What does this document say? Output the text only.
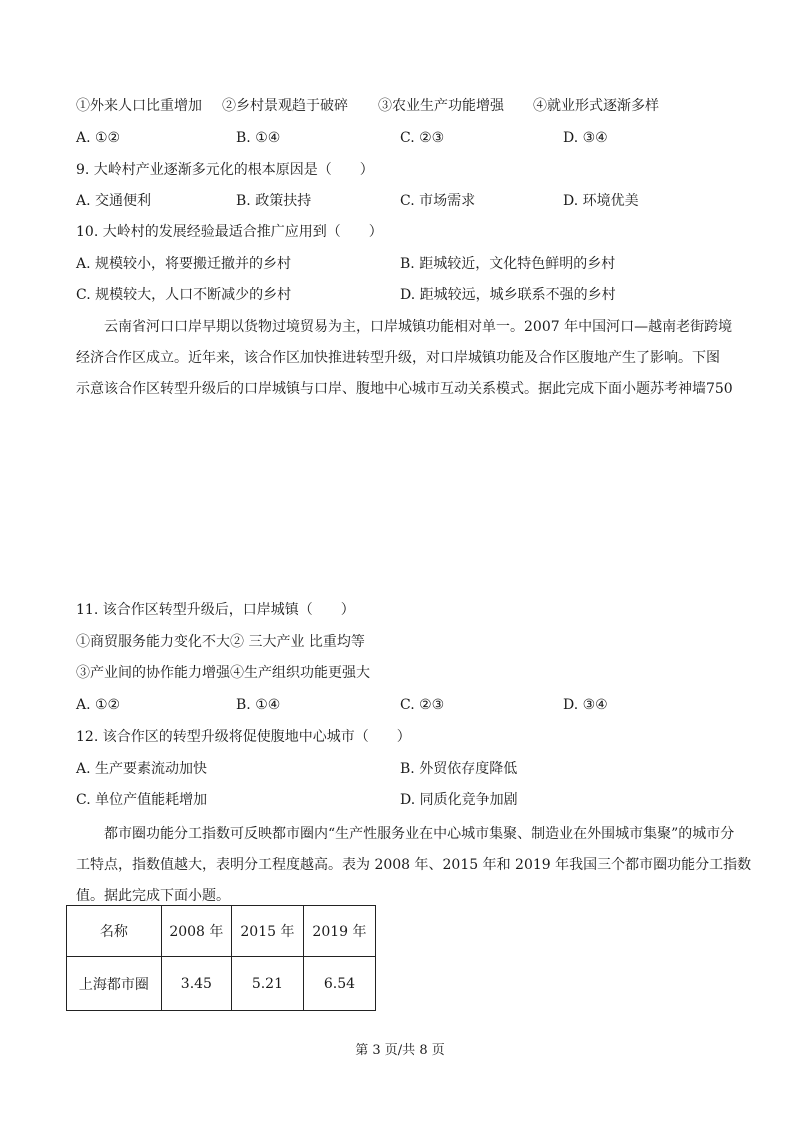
①外来人口比重增加 ②乡村景观趋于破碎 ③农业生产功能增强 ④就业形式逐渐多样
A. ①②	B. ①④	C. ②③	D. ③④
9. 大岭村产业逐渐多元化的根本原因是（　　）
A. 交通便利	B. 政策扶持	C. 市场需求	D. 环境优美
10. 大岭村的发展经验最适合推广应用到（　　）
A. 规模较小，将要搬迁撤并的乡村	B. 距城较近，文化特色鲜明的乡村
C. 规模较大，人口不断减少的乡村	D. 距城较远，城乡联系不强的乡村
云南省河口口岸早期以货物过境贸易为主，口岸城镇功能相对单一。2007 年中国河口—越南老街跨境
经济合作区成立。近年来，该合作区加快推进转型升级，对口岸城镇功能及合作区腹地产生了影响。下图
示意该合作区转型升级后的口岸城镇与口岸、腹地中心城市互动关系模式。据此完成下面小题苏考神墙750
11. 该合作区转型升级后，口岸城镇（　　）
①商贸服务能力变化不大② 三大产业 比重均等
③产业间的协作能力增强④生产组织功能更强大
A. ①②	B. ①④	C. ②③	D. ③④
12. 该合作区的转型升级将促使腹地中心城市（　　）
A. 生产要素流动加快	B. 外贸依存度降低
C. 单位产值能耗增加	D. 同质化竞争加剧
都市圈功能分工指数可反映都市圈内“生产性服务业在中心城市集聚、制造业在外围城市集聚”的城市分
工特点，指数值越大，表明分工程度越高。表为 2008 年、2015 年和 2019 年我国三个都市圈功能分工指数
值。据此完成下面小题。
名称	2008 年	2015 年	2019 年
上海都市圈	3.45	5.21	6.54
第 3 页/共 8 页
